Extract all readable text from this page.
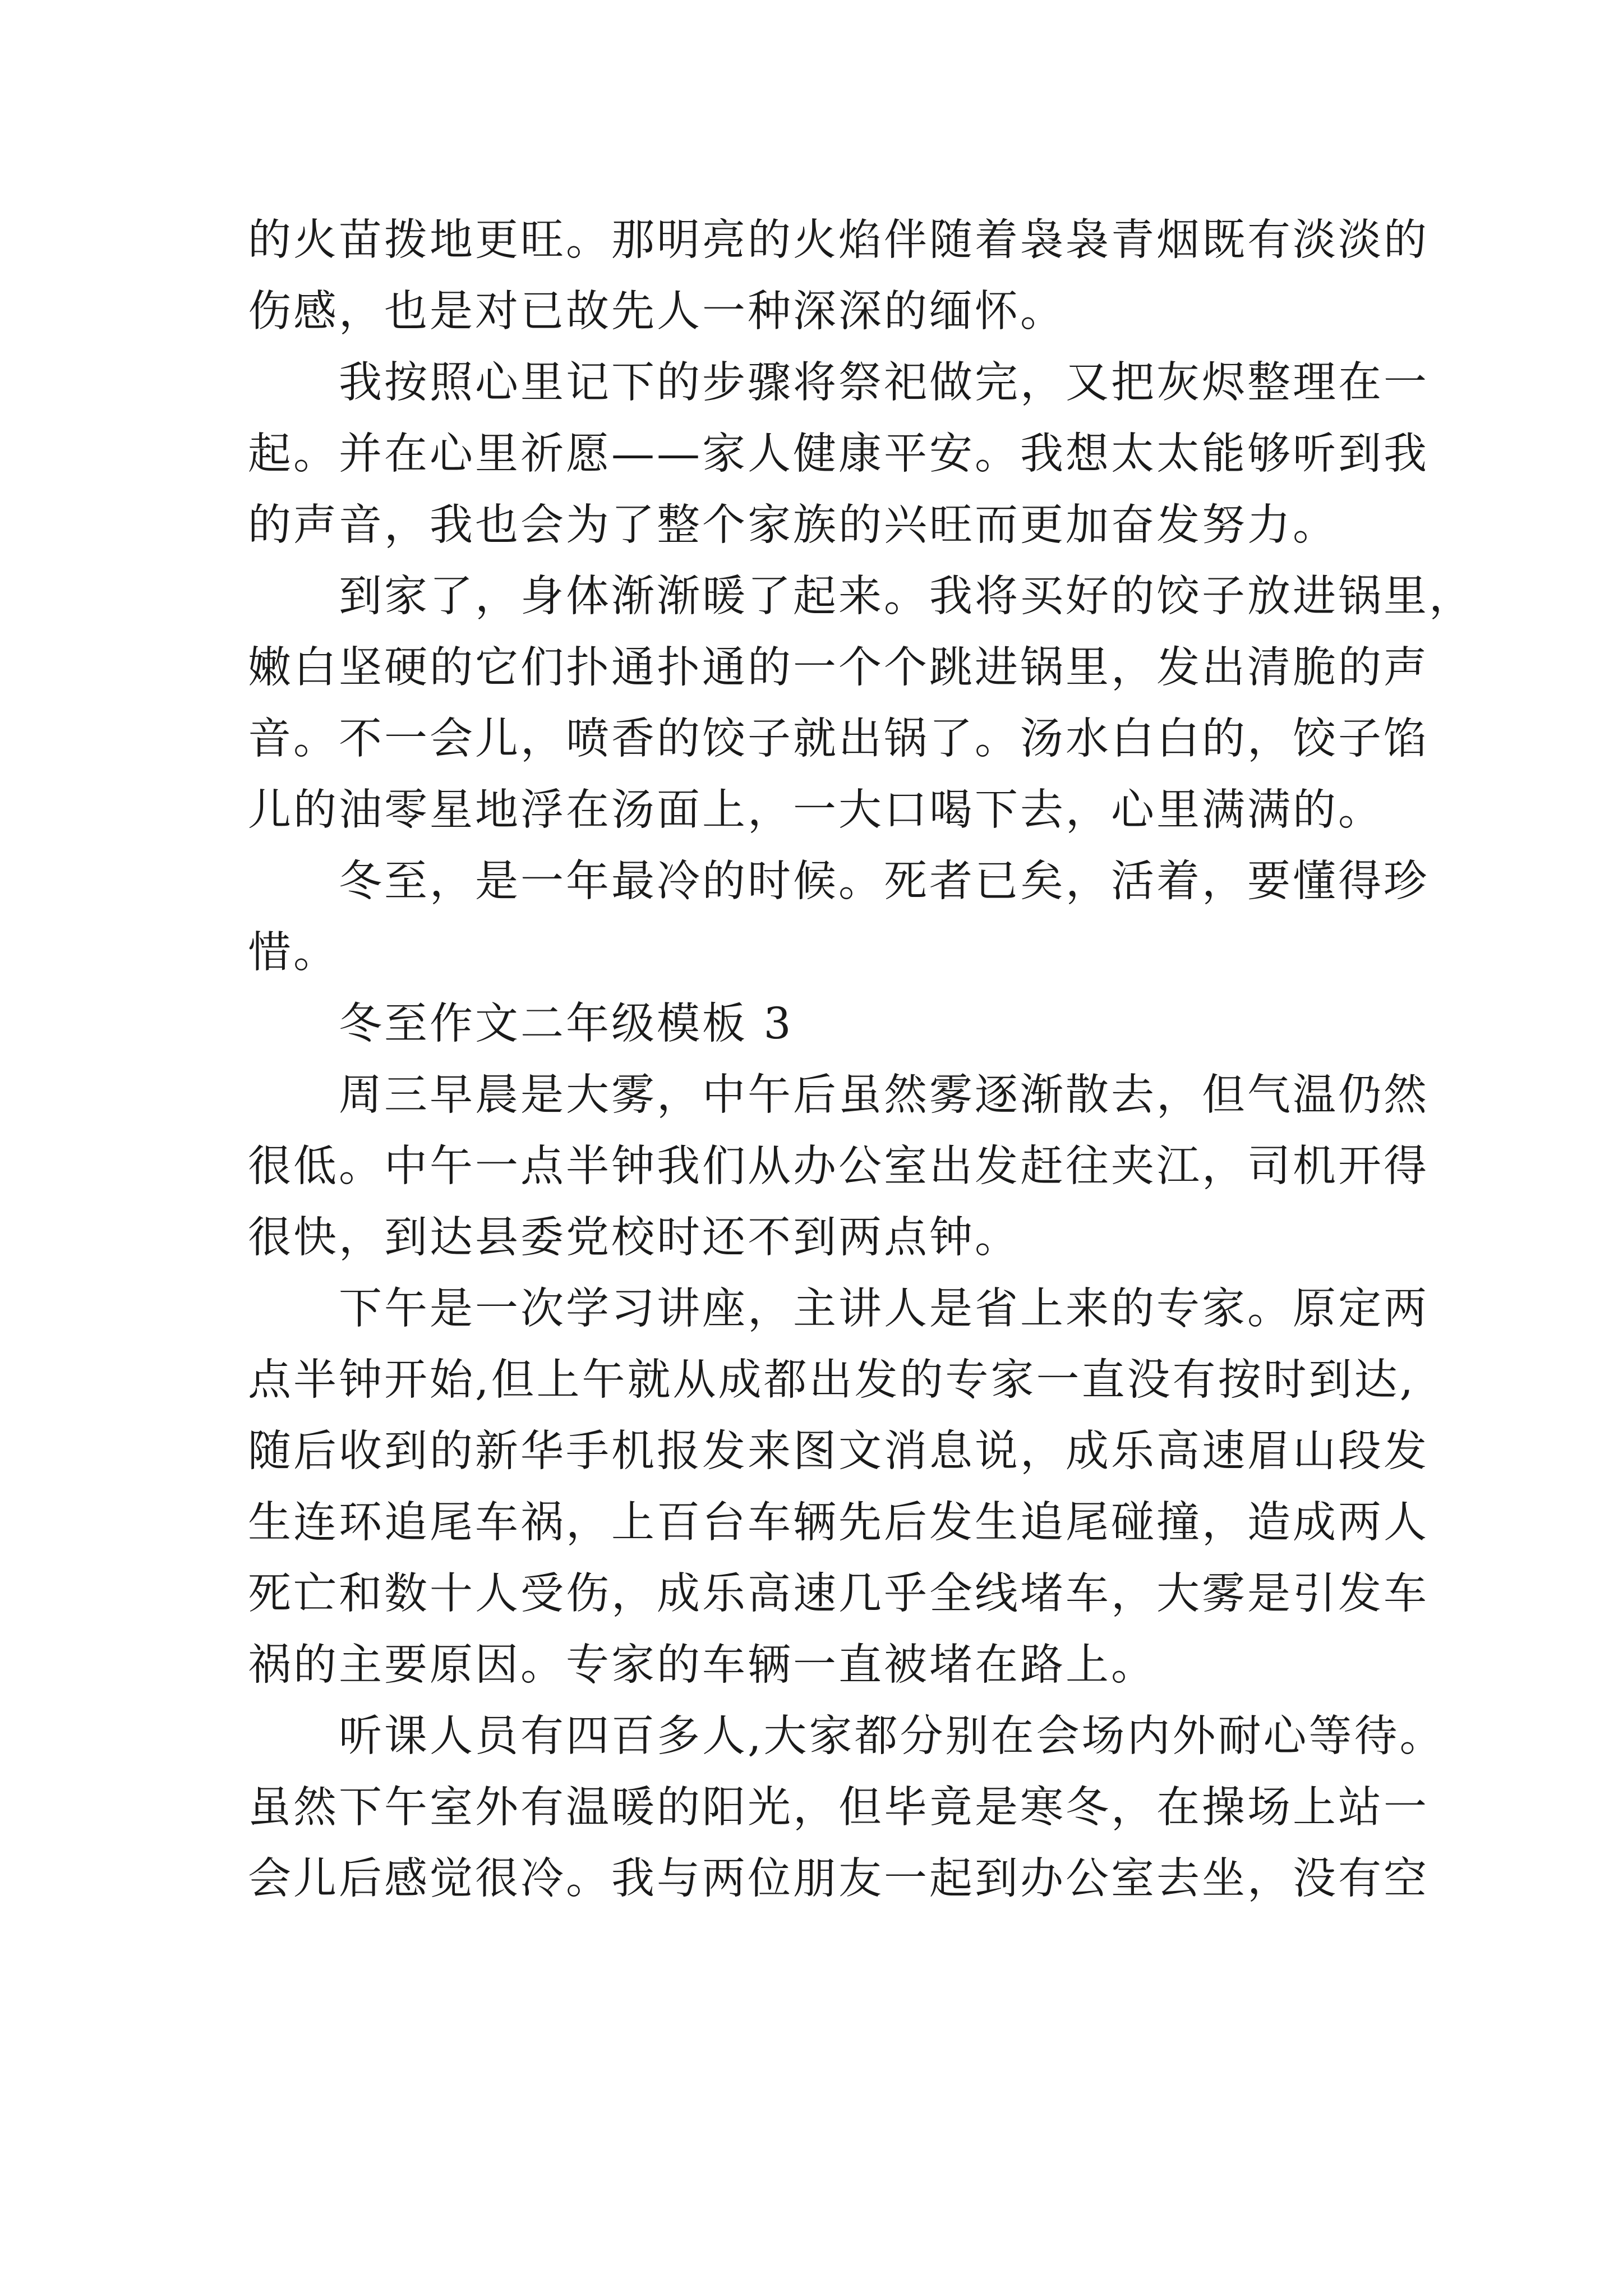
的火苗拨地更旺。那明亮的火焰伴随着袅袅青烟既有淡淡的
伤感，也是对已故先人一种深深的缅怀。
我按照心里记下的步骤将祭祀做完，又把灰烬整理在一
起。并在心里祈愿——家人健康平安。我想太太能够听到我
的声音，我也会为了整个家族的兴旺而更加奋发努力。
到家了，身体渐渐暖了起来。我将买好的饺子放进锅里，
嫩白坚硬的它们扑通扑通的一个个跳进锅里，发出清脆的声
音。不一会儿，喷香的饺子就出锅了。汤水白白的，饺子馅
儿的油零星地浮在汤面上，一大口喝下去，心里满满的。
冬至，是一年最冷的时候。死者已矣，活着，要懂得珍
惜。
冬至作文二年级模板 3
周三早晨是大雾，中午后虽然雾逐渐散去，但气温仍然
很低。中午一点半钟我们从办公室出发赶往夹江，司机开得
很快，到达县委党校时还不到两点钟。
下午是一次学习讲座，主讲人是省上来的专家。原定两
点半钟开始,但上午就从成都出发的专家一直没有按时到达,
随后收到的新华手机报发来图文消息说，成乐高速眉山段发
生连环追尾车祸，上百台车辆先后发生追尾碰撞，造成两人
死亡和数十人受伤，成乐高速几乎全线堵车，大雾是引发车
祸的主要原因。专家的车辆一直被堵在路上。
听课人员有四百多人,大家都分别在会场内外耐心等待。
虽然下午室外有温暖的阳光，但毕竟是寒冬，在操场上站一
会儿后感觉很冷。我与两位朋友一起到办公室去坐，没有空
